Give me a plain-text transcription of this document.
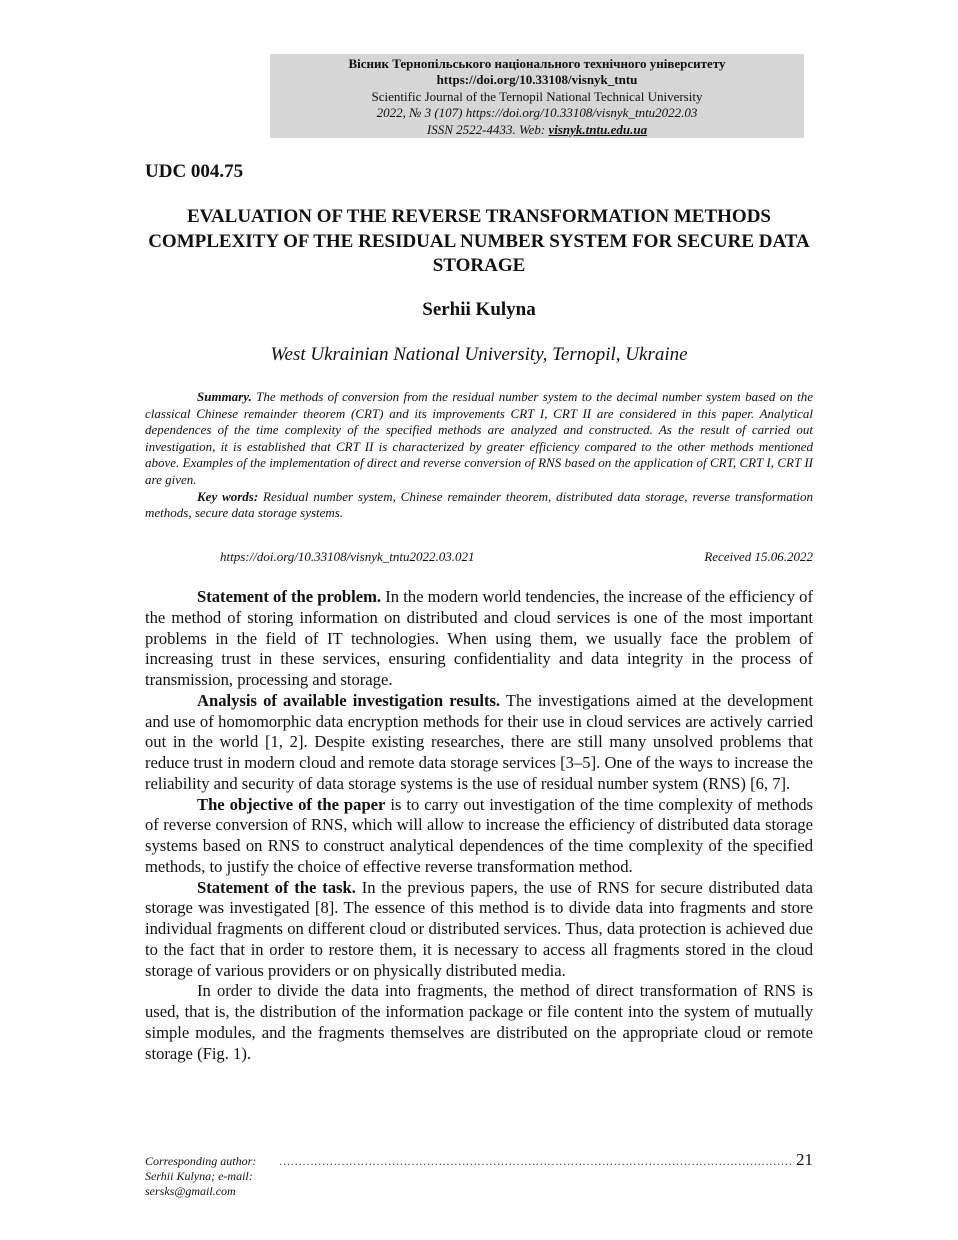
Вісник Тернопільського національного технічного університету
https://doi.org/10.33108/visnyk_tntu
Scientific Journal of the Ternopil National Technical University
2022, № 3 (107) https://doi.org/10.33108/visnyk_tntu2022.03
ISSN 2522-4433. Web: visnyk.tntu.edu.ua
UDC 004.75
EVALUATION OF THE REVERSE TRANSFORMATION METHODS COMPLEXITY OF THE RESIDUAL NUMBER SYSTEM FOR SECURE DATA STORAGE
Serhii Kulyna
West Ukrainian National University, Ternopil, Ukraine

Summary. The methods of conversion from the residual number system to the decimal number system based on the classical Chinese remainder theorem (CRT) and its improvements CRT I, CRT II are considered in this paper. Analytical dependences of the time complexity of the specified methods are analyzed and constructed. As the result of carried out investigation, it is established that CRT II is characterized by greater efficiency compared to the other methods mentioned above. Examples of the implementation of direct and reverse conversion of RNS based on the application of CRT, CRT I, CRT II are given.

Key words: Residual number system, Chinese remainder theorem, distributed data storage, reverse transformation methods, secure data storage systems.

https://doi.org/10.33108/visnyk_tntu2022.03.021	Received 15.06.2022

Statement of the problem. In the modern world tendencies, the increase of the efficiency of the method of storing information on distributed and cloud services is one of the most important problems in the field of IT technologies. When using them, we usually face the problem of increasing trust in these services, ensuring confidentiality and data integrity in the process of transmission, processing and storage.

Analysis of available investigation results. The investigations aimed at the development and use of homomorphic data encryption methods for their use in cloud services are actively carried out in the world [1, 2]. Despite existing researches, there are still many unsolved problems that reduce trust in modern cloud and remote data storage services [3–5]. One of the ways to increase the reliability and security of data storage systems is the use of residual number system (RNS) [6, 7].

The objective of the paper is to carry out investigation of the time complexity of methods of reverse conversion of RNS, which will allow to increase the efficiency of distributed data storage systems based on RNS to construct analytical dependences of the time complexity of the specified methods, to justify the choice of effective reverse transformation method.

Statement of the task. In the previous papers, the use of RNS for secure distributed data storage was investigated [8]. The essence of this method is to divide data into fragments and store individual fragments on different cloud or distributed services. Thus, data protection is achieved due to the fact that in order to restore them, it is necessary to access all fragments stored in the cloud storage of various providers or on physically distributed media.

In order to divide the data into fragments, the method of direct transformation of RNS is used, that is, the distribution of the information package or file content into the system of mutually simple modules, and the fragments themselves are distributed on the appropriate cloud or remote storage (Fig. 1).

Corresponding author: Serhii Kulyna; e-mail: sersks@gmail.com
…………………………………………………………………………………………………………………… 21
